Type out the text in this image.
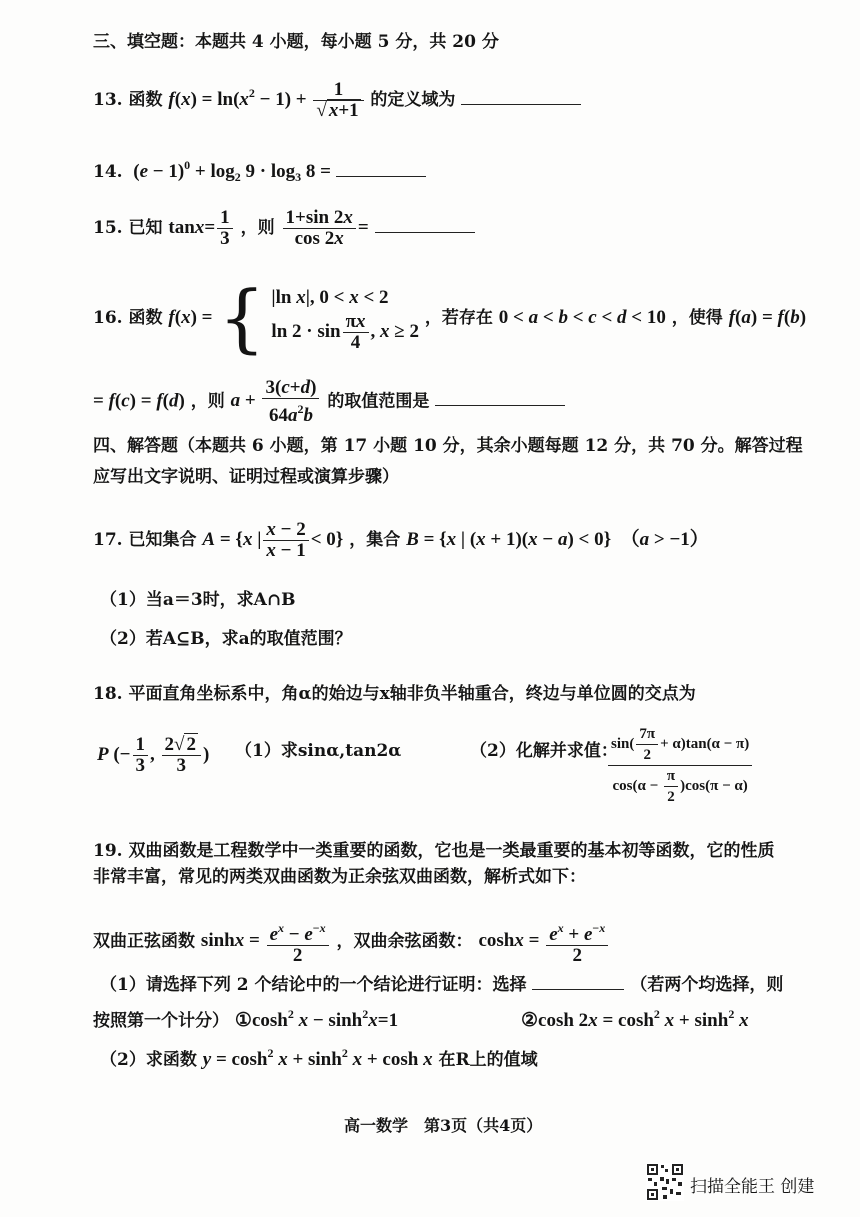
三、填空题：本题共 4 小题，每小题 5 分，共 20 分
13. 函数 $f(x) = \ln(x^2 - 1) + \frac{1}{√ x+1}$ 的定义域为
14.  $(e - 1)^0 + \log_2 9 \cdot \log_3 8$ =
15. 已知 $\tan x= \frac{1}{3}$ ，则 $\frac{1+\sin 2x}{\cos 2x}$ =
16. 函数 f(x) = { |ln x|, 0 < x < 2
$\ln 2 \cdot \sin \frac{\pi x}{4}$ , x ≥ 2
，若存在 0 < a < b < c < d < 10 ，使得 f(a) = f(b)
= f(c) = f(d) ，则 $a + \frac{3(c+d)}{64a^2b}$ 的取值范围是
四、解答题（本题共 6 小题，第 17 小题 10 分，其余小题每题 12 分，共 70 分。解答过程
应写出文字说明、证明过程或演算步骤）
17. 已知集合 A = {x | $\frac{x - 2}{x - 1} < 0$} ，集合 B = {x | (x + 1)(x − a) < 0}　（a > −1）
（1）当a＝3时，求A∩B
（2）若A⊆B，求a的取值范围？
18. 平面直角坐标系中，角α的始边与x轴非负半轴重合，终边与单位圆的交点为
P (− $\frac{1}{3}$ , $\frac{2√ 2}{3}$ ) （1）求sinα,tan2α	（2）化解并求值：
$\frac{\sin( \frac{7\pi}{2} + \alpha)\tan(\alpha - \pi)}{\cos(\alpha - \frac{\pi}{2} )\cos(\pi - \alpha)}$
19. 双曲函数是工程数学中一类重要的函数，它也是一类最重要的基本初等函数，它的性质
非常丰富，常见的两类双曲函数为正余弦双曲函数，解析式如下：
双曲正弦函数 $\sinh x = \frac{e^x - e^{-x}}{2}$ ，双曲余弦函数： $\cosh x = \frac{e^x + e^{-x}}{2}$
（1）请选择下列 2 个结论中的一个结论进行证明：选择	（若两个均选择，则
按照第一个计分） $①\cosh^2$ $x - \sinh^2x=1$	②cosh $2x = \cosh^2 x + \sinh^2 x$
（2）求函数 $y = \cosh^2 x + \sinh^2 x + \cosh x$ 在R上的值域
高一数学　第3页（共4页）
扫描全能王 创建
